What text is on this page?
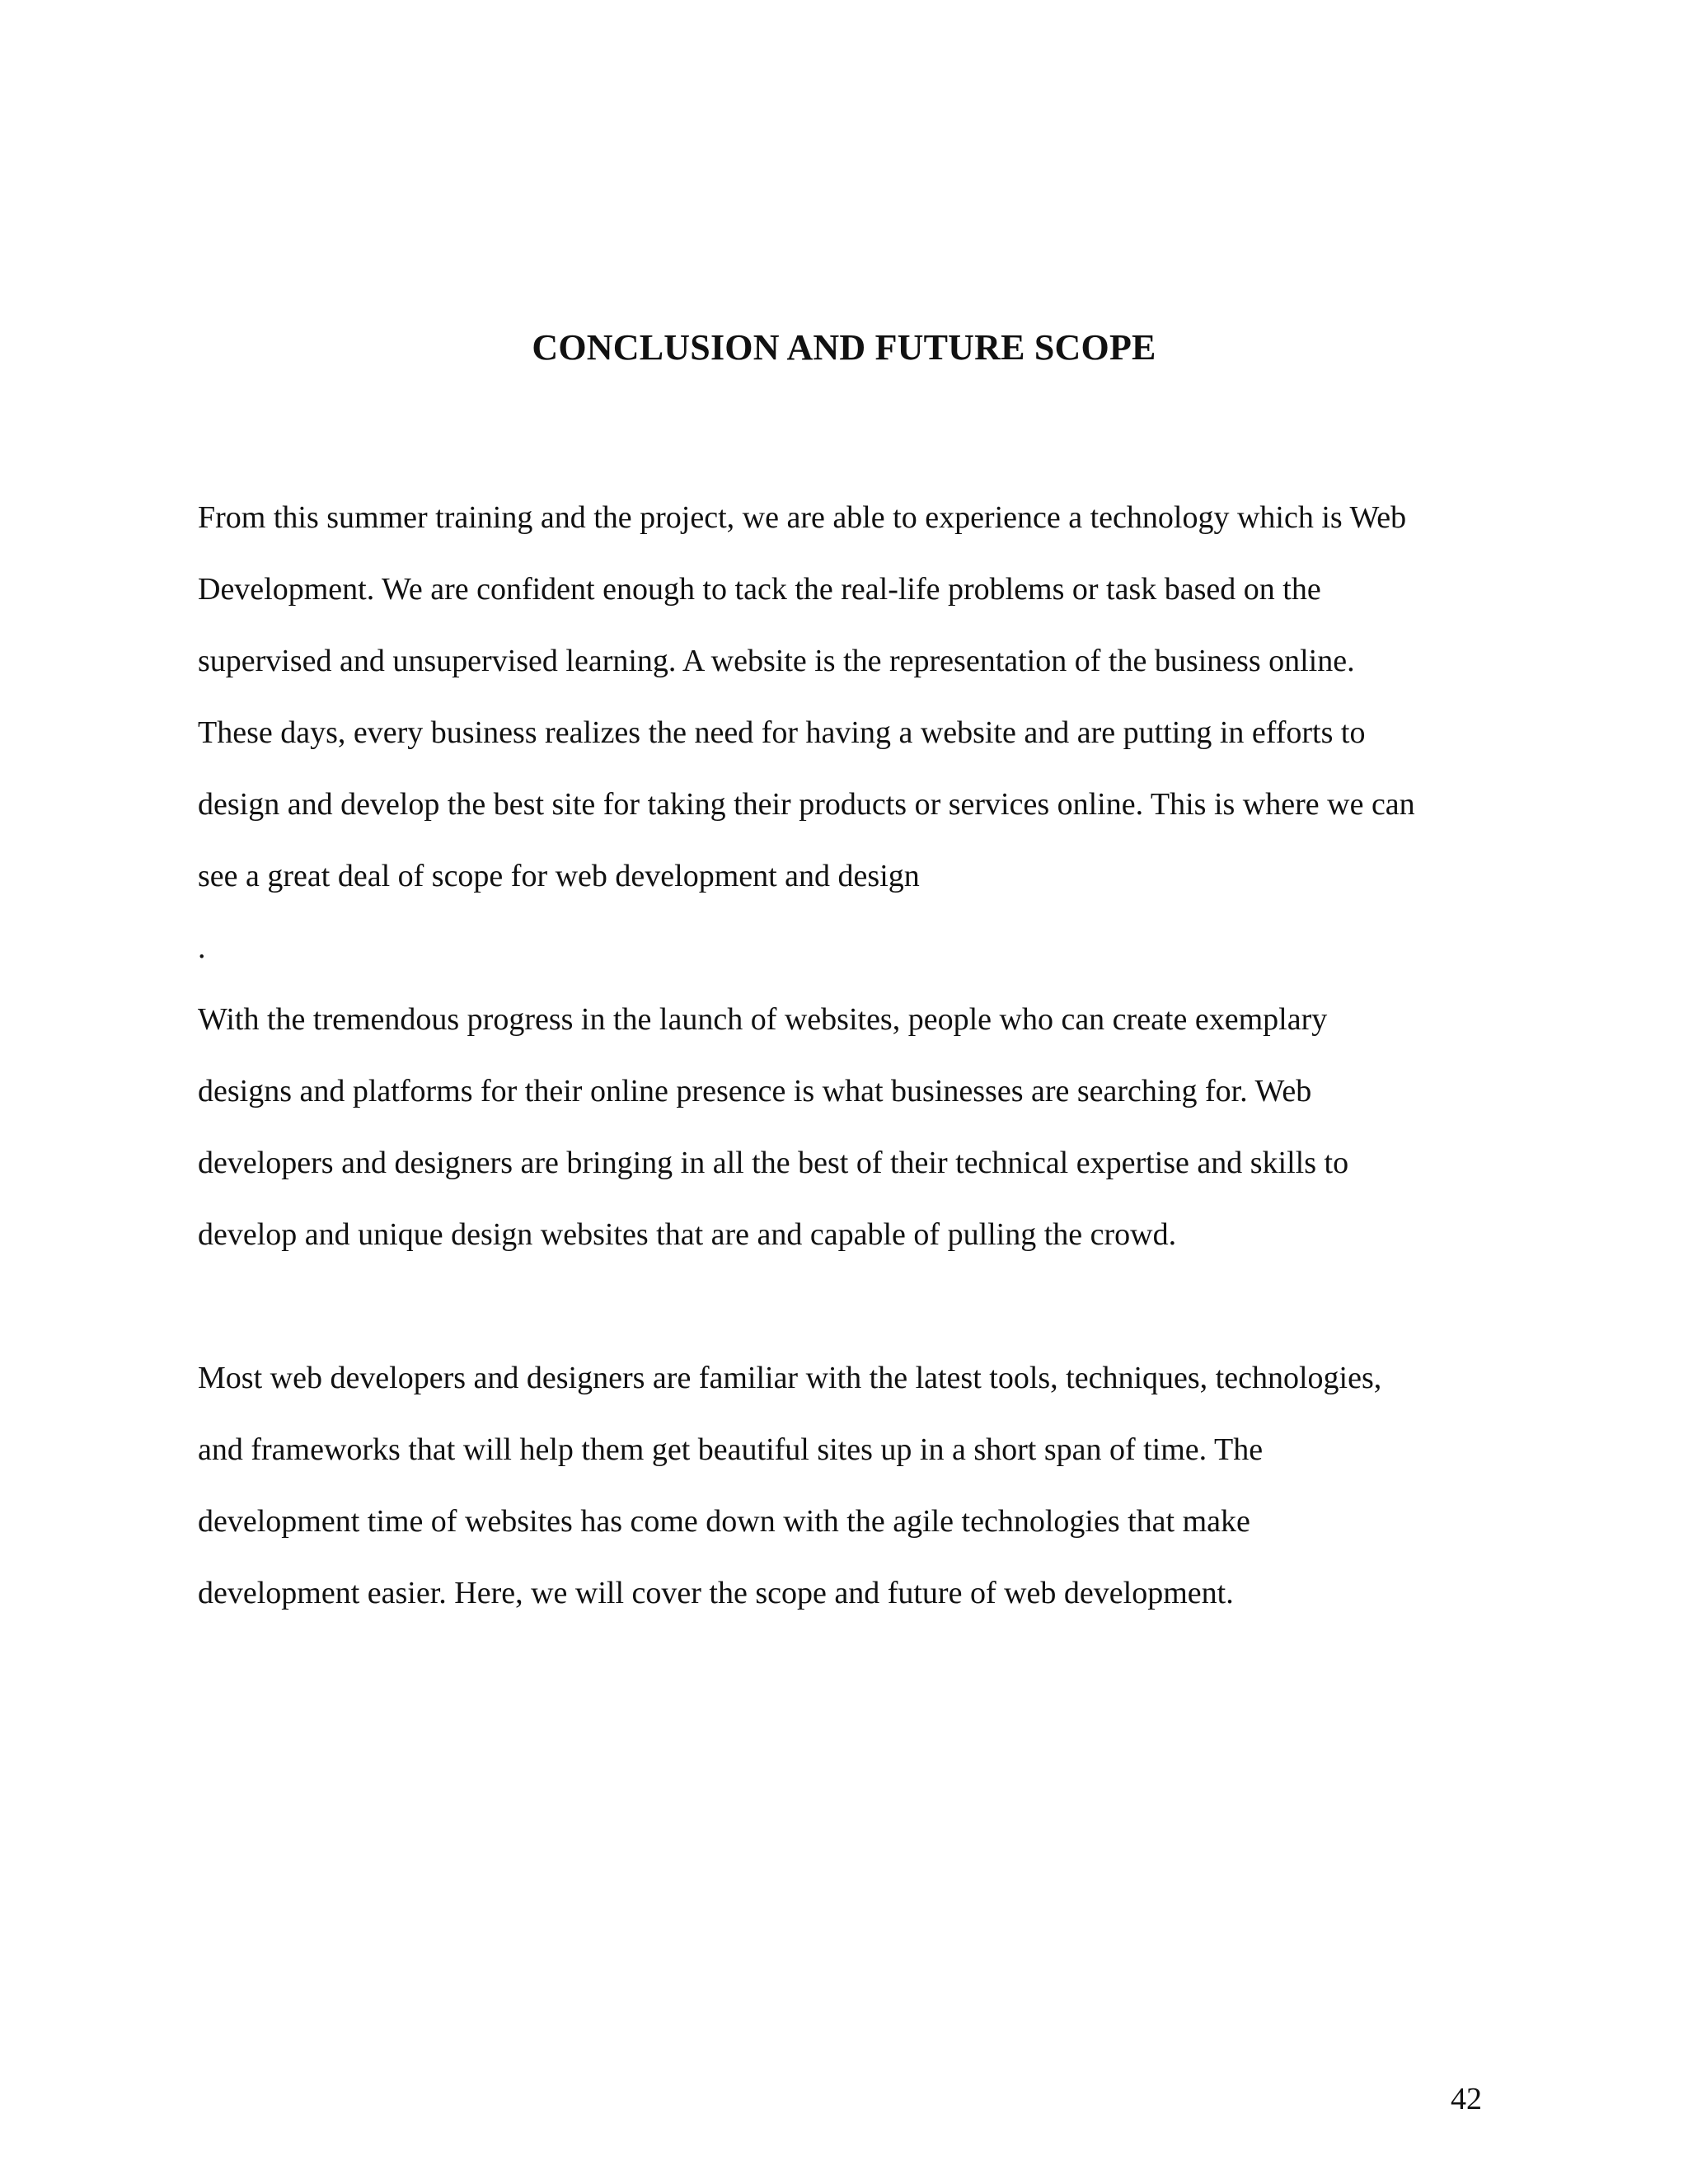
CONCLUSION AND FUTURE SCOPE

From this summer training and the project, we are able to experience a technology which is Web

Development. We are confident enough to tack the real-life problems or task based on the

supervised and unsupervised learning. A website is the representation of the business online.

These days, every business realizes the need for having a website and are putting in efforts to

design and develop the best site for taking their products or services online. This is where we can

see a great deal of scope for web development and design

.

With the tremendous progress in the launch of websites, people who can create exemplary

designs and platforms for their online presence is what businesses are searching for. Web

developers and designers are bringing in all the best of their technical expertise and skills to

develop and unique design websites that are and capable of pulling the crowd.

Most web developers and designers are familiar with the latest tools, techniques, technologies,

and frameworks that will help them get beautiful sites up in a short span of time. The

development time of websites has come down with the agile technologies that make

development easier. Here, we will cover the scope and future of web development.

42
